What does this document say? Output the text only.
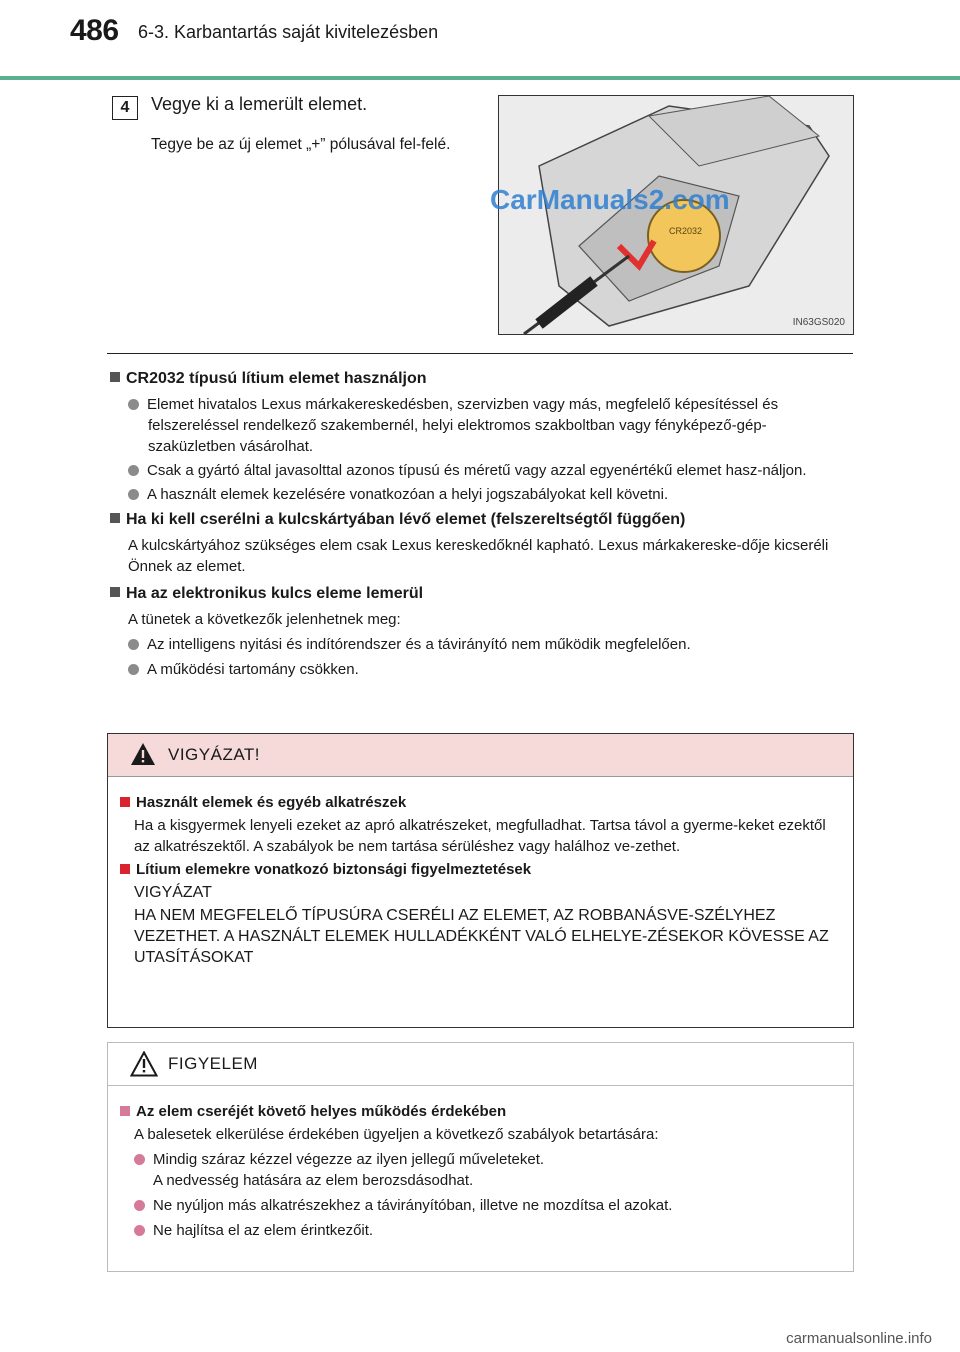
486 6-3. Karbantartás saját kivitelezésben
4	Vegye ki a lemerült elemet.
Tegye be az új elemet „+” pólusával fel-felé.
CR2032
IN63GS020
CarManuals2.com
CR2032 típusú lítium elemet használjon
Elemet hivatalos Lexus márkakereskedésben, szervizben vagy más, megfelelő képesítéssel és felszereléssel rendelkező szakembernél, helyi elektromos szakboltban vagy fényképező-gép-szaküzletben vásárolhat.
Csak a gyártó által javasolttal azonos típusú és méretű vagy azzal egyenértékű elemet hasz-náljon.
A használt elemek kezelésére vonatkozóan a helyi jogszabályokat kell követni.
Ha ki kell cserélni a kulcskártyában lévő elemet (felszereltségtől függően)
A kulcskártyához szükséges elem csak Lexus kereskedőknél kapható. Lexus márkakereske-dője kicseréli Önnek az elemet.
Ha az elektronikus kulcs eleme lemerül
A tünetek a következők jelenhetnek meg:
Az intelligens nyitási és indítórendszer és a távirányító nem működik megfelelően.
A működési tartomány csökken.
VIGYÁZAT!
Használt elemek és egyéb alkatrészek
Ha a kisgyermek lenyeli ezeket az apró alkatrészeket, megfulladhat. Tartsa távol a gyerme-keket ezektől az alkatrészektől. A szabályok be nem tartása sérüléshez vagy halálhoz ve-zethet.
Lítium elemekre vonatkozó biztonsági figyelmeztetések
VIGYÁZAT
HA NEM MEGFELELŐ TÍPUSÚRA CSERÉLI AZ ELEMET, AZ ROBBANÁSVE-SZÉLYHEZ VEZETHET. A HASZNÁLT ELEMEK HULLADÉKKÉNT VALÓ ELHELYE-ZÉSEKOR KÖVESSE AZ UTASÍTÁSOKAT
FIGYELEM
Az elem cseréjét követő helyes működés érdekében
A balesetek elkerülése érdekében ügyeljen a következő szabályok betartására:
Mindig száraz kézzel végezze az ilyen jellegű műveleteket.
A nedvesség hatására az elem berozsdásodhat.
Ne nyúljon más alkatrészekhez a távirányítóban, illetve ne mozdítsa el azokat.
Ne hajlítsa el az elem érintkezőit.
carmanualsonline.info
